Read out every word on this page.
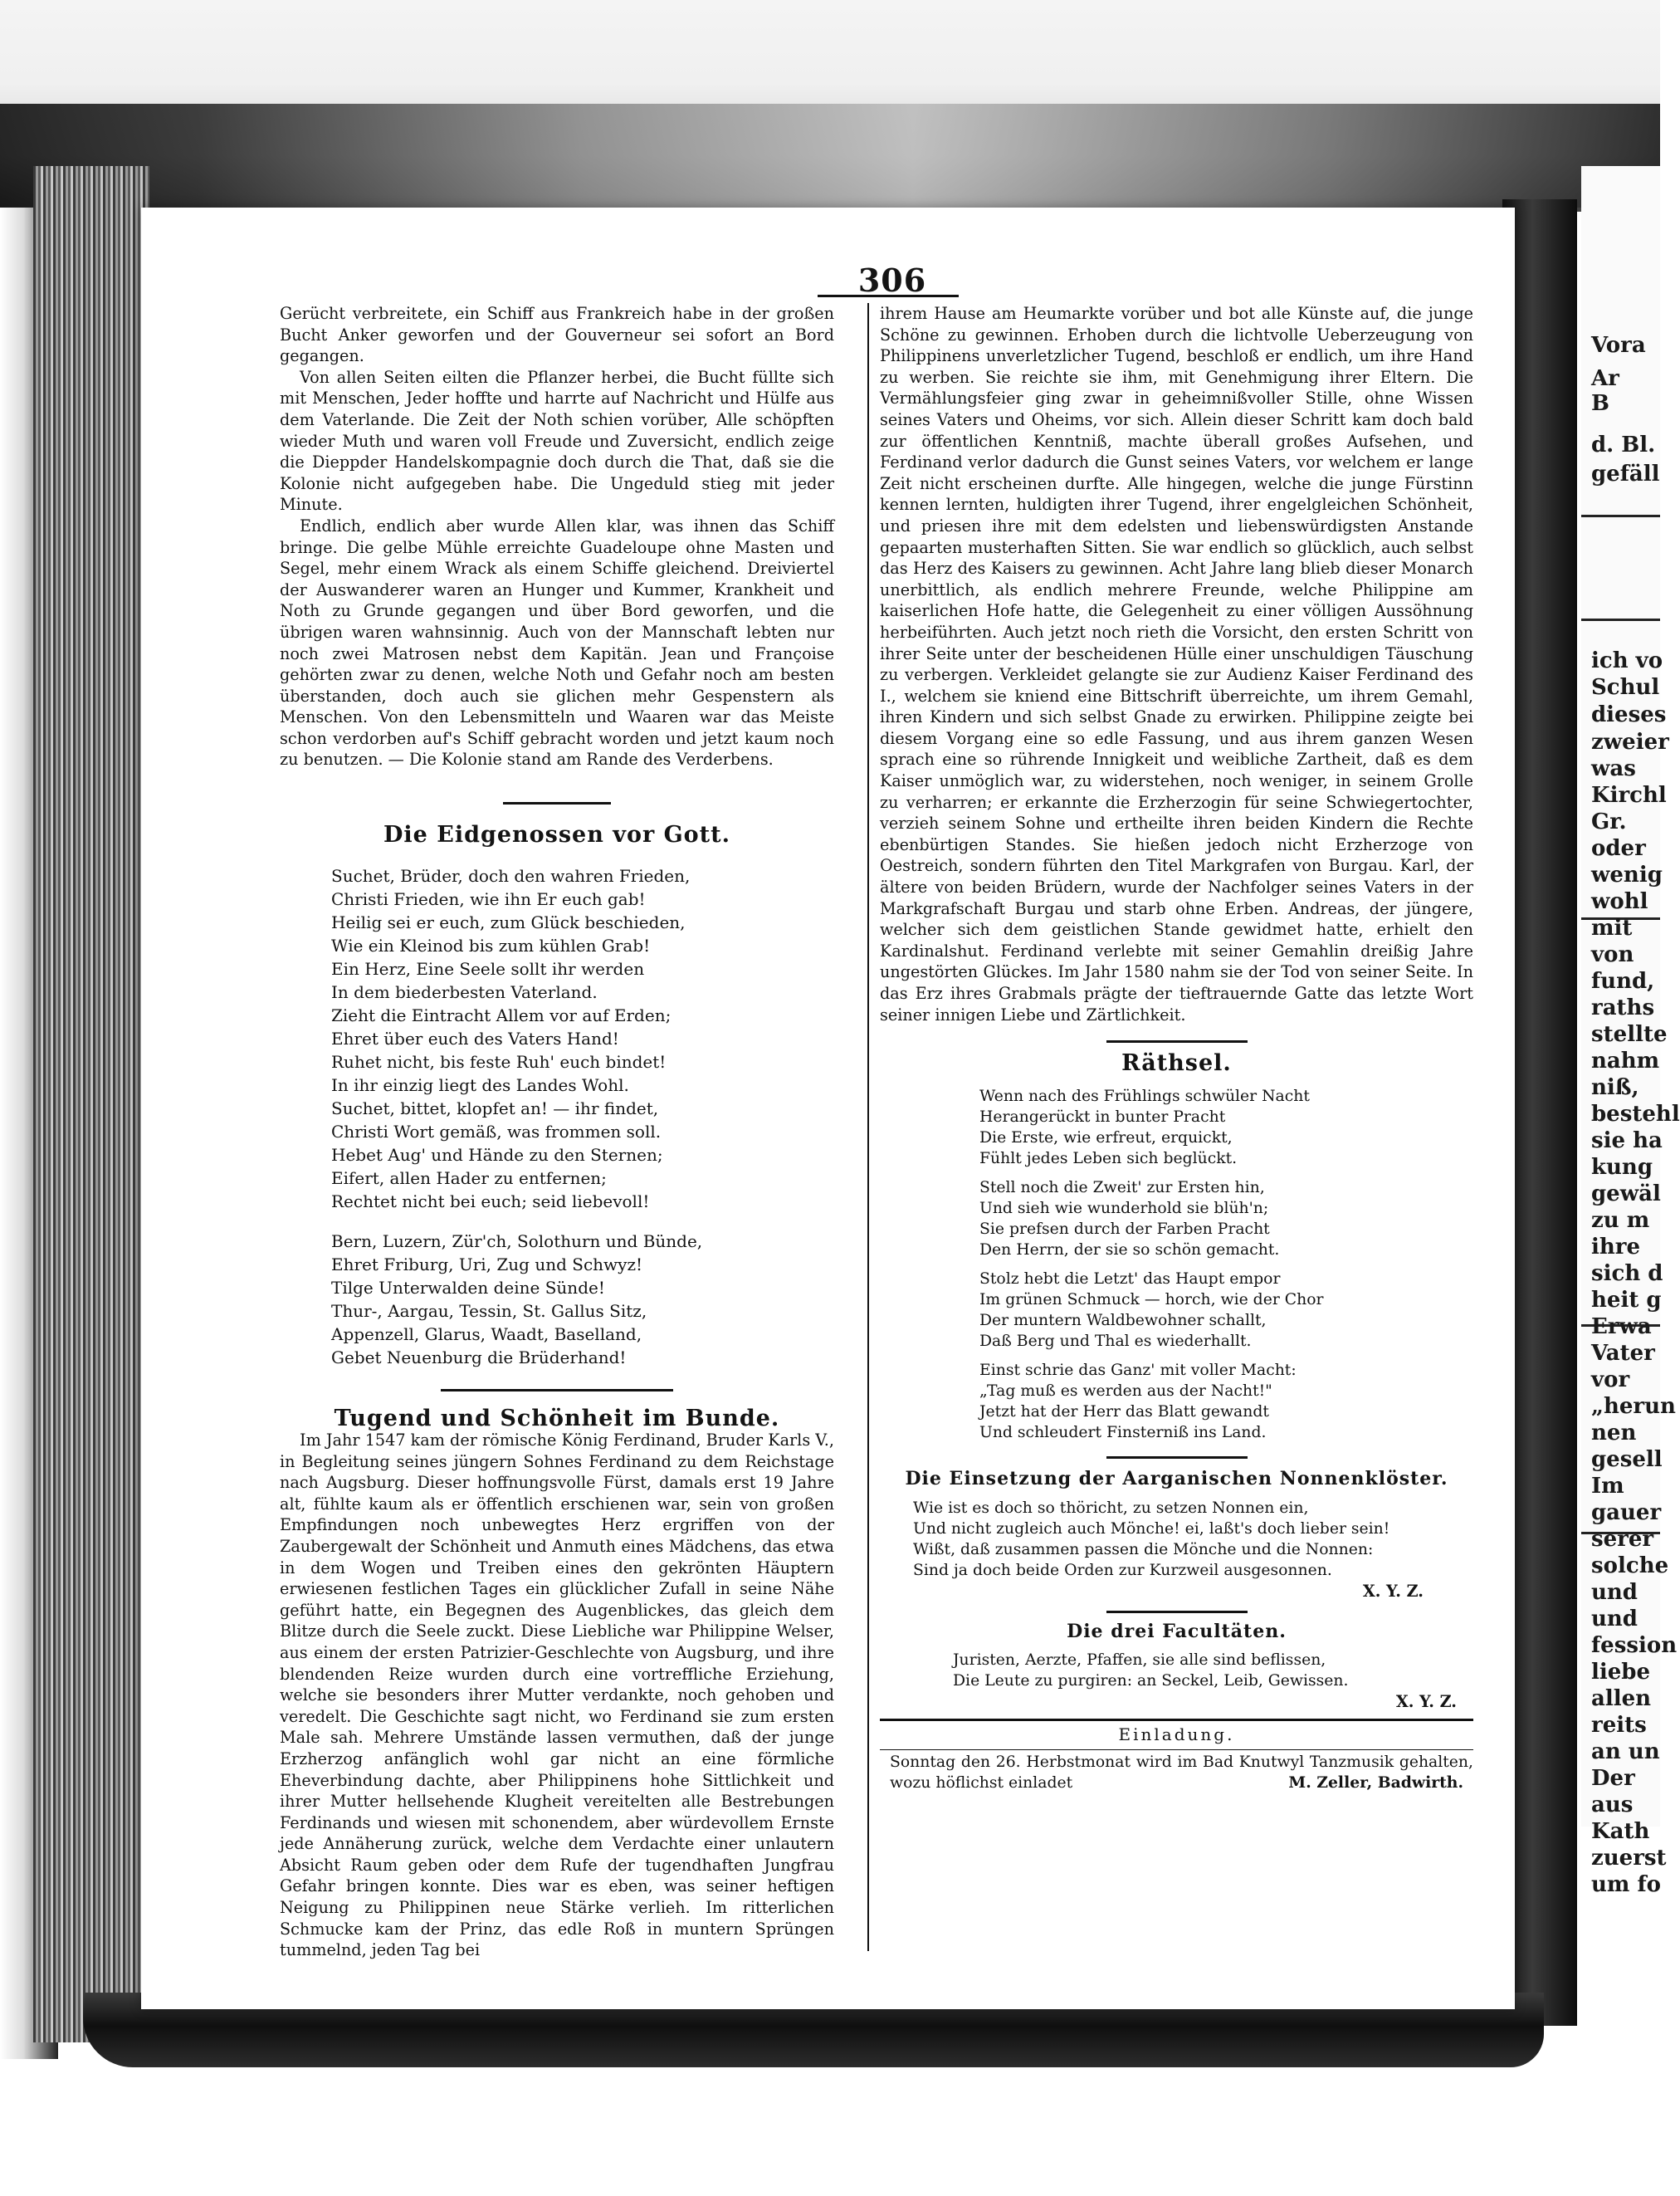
Vora
Ar
B
d. Bl.
gefäll
ich vo
Schul
dieses
zweier
was
Kirchl
Gr.
oder
wenig
wohl
mit
von
fund,
raths
stellte
nahm
niß,
bestehl
sie ha
kung
gewäl
zu m
ihre
sich d
heit g
Erwa
Vater
vor
„herun
nen
gesell
Im
gauer
serer
solche
und
und
fession
liebe
allen
reits
an un
Der
aus
Kath
zuerst
um fo
306

Gerücht verbreitete, ein Schiff aus Frankreich habe in der großen Bucht Anker geworfen und der Gouverneur sei sofort an Bord gegangen.

Von allen Seiten eilten die Pflanzer herbei, die Bucht füllte sich mit Menschen, Jeder hoffte und harrte auf Nachricht und Hülfe aus dem Vaterlande. Die Zeit der Noth schien vorüber, Alle schöpften wieder Muth und waren voll Freude und Zuversicht, endlich zeige die Dieppder Handelskompagnie doch durch die That, daß sie die Kolonie nicht aufgegeben habe. Die Ungeduld stieg mit jeder Minute.

Endlich, endlich aber wurde Allen klar, was ihnen das Schiff bringe. Die gelbe Mühle erreichte Guadeloupe ohne Masten und Segel, mehr einem Wrack als einem Schiffe gleichend. Dreiviertel der Auswanderer waren an Hunger und Kummer, Krankheit und Noth zu Grunde gegangen und über Bord geworfen, und die übrigen waren wahnsinnig. Auch von der Mannschaft lebten nur noch zwei Matrosen nebst dem Kapitän. Jean und Françoise gehörten zwar zu denen, welche Noth und Gefahr noch am besten überstanden, doch auch sie glichen mehr Gespenstern als Menschen. Von den Lebensmitteln und Waaren war das Meiste schon verdorben auf's Schiff gebracht worden und jetzt kaum noch zu benutzen. — Die Kolonie stand am Rande des Verderbens.

Die Eidgenossen vor Gott.

Suchet, Brüder, doch den wahren Frieden,
Christi Frieden, wie ihn Er euch gab!
Heilig sei er euch, zum Glück beschieden,
Wie ein Kleinod bis zum kühlen Grab!
Ein Herz, Eine Seele sollt ihr werden
In dem biederbesten Vaterland.
Zieht die Eintracht Allem vor auf Erden;
Ehret über euch des Vaters Hand!
Ruhet nicht, bis feste Ruh' euch bindet!
In ihr einzig liegt des Landes Wohl.
Suchet, bittet, klopfet an! — ihr findet,
Christi Wort gemäß, was frommen soll.
Hebet Aug' und Hände zu den Sternen;
Eifert, allen Hader zu entfernen;
Rechtet nicht bei euch; seid liebevoll!
Bern, Luzern, Zür'ch, Solothurn und Bünde,
Ehret Friburg, Uri, Zug und Schwyz!
Tilge Unterwalden deine Sünde!
Thur-, Aargau, Tessin, St. Gallus Sitz,
Appenzell, Glarus, Waadt, Baselland,
Gebet Neuenburg die Brüderhand!

Tugend und Schönheit im Bunde.

Im Jahr 1547 kam der römische König Ferdinand, Bruder Karls V., in Begleitung seines jüngern Sohnes Ferdinand zu dem Reichstage nach Augsburg. Dieser hoffnungsvolle Fürst, damals erst 19 Jahre alt, fühlte kaum als er öffentlich erschienen war, sein von großen Empfindungen noch unbewegtes Herz ergriffen von der Zaubergewalt der Schönheit und Anmuth eines Mädchens, das etwa in dem Wogen und Treiben eines den gekrönten Häuptern erwiesenen festlichen Tages ein glücklicher Zufall in seine Nähe geführt hatte, ein Begegnen des Augenblickes, das gleich dem Blitze durch die Seele zuckt. Diese Liebliche war Philippine Welser, aus einem der ersten Patrizier-Geschlechte von Augsburg, und ihre blendenden Reize wurden durch eine vortreffliche Erziehung, welche sie besonders ihrer Mutter verdankte, noch gehoben und veredelt. Die Geschichte sagt nicht, wo Ferdinand sie zum ersten Male sah. Mehrere Umstände lassen vermuthen, daß der junge Erzherzog anfänglich wohl gar nicht an eine förmliche Eheverbindung dachte, aber Philippinens hohe Sittlichkeit und ihrer Mutter hellsehende Klugheit vereitelten alle Bestrebungen Ferdinands und wiesen mit schonendem, aber würdevollem Ernste jede Annäherung zurück, welche dem Verdachte einer unlautern Absicht Raum geben oder dem Rufe der tugendhaften Jungfrau Gefahr bringen konnte. Dies war es eben, was seiner heftigen Neigung zu Philippinen neue Stärke verlieh. Im ritterlichen Schmucke kam der Prinz, das edle Roß in muntern Sprüngen tummelnd, jeden Tag bei

ihrem Hause am Heumarkte vorüber und bot alle Künste auf, die junge Schöne zu gewinnen. Erhoben durch die lichtvolle Ueberzeugung von Philippinens unverletzlicher Tugend, beschloß er endlich, um ihre Hand zu werben. Sie reichte sie ihm, mit Genehmigung ihrer Eltern. Die Vermählungsfeier ging zwar in geheimnißvoller Stille, ohne Wissen seines Vaters und Oheims, vor sich. Allein dieser Schritt kam doch bald zur öffentlichen Kenntniß, machte überall großes Aufsehen, und Ferdinand verlor dadurch die Gunst seines Vaters, vor welchem er lange Zeit nicht erscheinen durfte. Alle hingegen, welche die junge Fürstinn kennen lernten, huldigten ihrer Tugend, ihrer engelgleichen Schönheit, und priesen ihre mit dem edelsten und liebenswürdigsten Anstande gepaarten musterhaften Sitten. Sie war endlich so glücklich, auch selbst das Herz des Kaisers zu gewinnen. Acht Jahre lang blieb dieser Monarch unerbittlich, als endlich mehrere Freunde, welche Philippine am kaiserlichen Hofe hatte, die Gelegenheit zu einer völligen Aussöhnung herbeiführten. Auch jetzt noch rieth die Vorsicht, den ersten Schritt von ihrer Seite unter der bescheidenen Hülle einer unschuldigen Täuschung zu verbergen. Verkleidet gelangte sie zur Audienz Kaiser Ferdinand des I., welchem sie kniend eine Bittschrift überreichte, um ihrem Gemahl, ihren Kindern und sich selbst Gnade zu erwirken. Philippine zeigte bei diesem Vorgang eine so edle Fassung, und aus ihrem ganzen Wesen sprach eine so rührende Innigkeit und weibliche Zartheit, daß es dem Kaiser unmöglich war, zu widerstehen, noch weniger, in seinem Grolle zu verharren; er erkannte die Erzherzogin für seine Schwiegertochter, verzieh seinem Sohne und ertheilte ihren beiden Kindern die Rechte ebenbürtigen Standes. Sie hießen jedoch nicht Erzherzoge von Oestreich, sondern führten den Titel Markgrafen von Burgau. Karl, der ältere von beiden Brüdern, wurde der Nachfolger seines Vaters in der Markgrafschaft Burgau und starb ohne Erben. Andreas, der jüngere, welcher sich dem geistlichen Stande gewidmet hatte, erhielt den Kardinalshut. Ferdinand verlebte mit seiner Gemahlin dreißig Jahre ungestörten Glückes. Im Jahr 1580 nahm sie der Tod von seiner Seite. In das Erz ihres Grabmals prägte der tieftrauernde Gatte das letzte Wort seiner innigen Liebe und Zärtlichkeit.

Räthsel.

Wenn nach des Frühlings schwüler Nacht
Herangerückt in bunter Pracht
Die Erste, wie erfreut, erquickt,
Fühlt jedes Leben sich beglückt.
Stell noch die Zweit' zur Ersten hin,
Und sieh wie wunderhold sie blüh'n;
Sie prefsen durch der Farben Pracht
Den Herrn, der sie so schön gemacht.
Stolz hebt die Letzt' das Haupt empor
Im grünen Schmuck — horch, wie der Chor
Der muntern Waldbewohner schallt,
Daß Berg und Thal es wiederhallt.
Einst schrie das Ganz' mit voller Macht:
„Tag muß es werden aus der Nacht!"
Jetzt hat der Herr das Blatt gewandt
Und schleudert Finsterniß ins Land.

Die Einsetzung der Aarganischen Nonnenklöster.

Wie ist es doch so thöricht, zu setzen Nonnen ein,
Und nicht zugleich auch Mönche! ei, laßt's doch lieber sein!
Wißt, daß zusammen passen die Mönche und die Nonnen:
Sind ja doch beide Orden zur Kurzweil ausgesonnen.
X. Y. Z.

Die drei Facultäten.

Juristen, Aerzte, Pfaffen, sie alle sind beflissen,
Die Leute zu purgiren: an Seckel, Leib, Gewissen.
X. Y. Z.

Einladung.

Sonntag den 26. Herbstmonat wird im Bad Knutwyl Tanzmusik gehalten, wozu höflichst einladet	M. Zeller, Badwirth.
